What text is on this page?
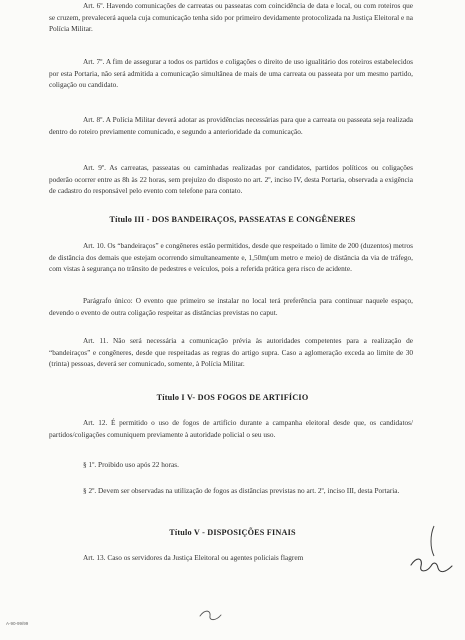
Art. 6º. Havendo comunicações de carreatas ou passeatas com coincidência de data e local, ou com roteiros que se cruzem, prevalecerá aquela cuja comunicação tenha sido por primeiro devidamente protocolizada na Justiça Eleitoral e na Polícia Militar.

Art. 7º. A fim de assegurar a todos os partidos e coligações o direito de uso igualitário dos roteiros estabelecidos por esta Portaria, não será admitida a comunicação simultânea de mais de uma carreata ou passeata por um mesmo partido, coligação ou candidato.

Art. 8º. A Polícia Militar deverá adotar as providências necessárias para que a carreata ou passeata seja realizada dentro do roteiro previamente comunicado, e segundo a anterioridade da comunicação.

Art. 9º. As carreatas, passeatas ou caminhadas realizadas por candidatos, partidos políticos ou coligações poderão ocorrer entre as 8h às 22 horas, sem prejuízo do disposto no art. 2º, inciso IV, desta Portaria, observada a exigência de cadastro do responsável pelo evento com telefone para contato.

Título III - DOS BANDEIRAÇOS, PASSEATAS E CONGÊNERES

Art. 10. Os “bandeiraços” e congêneres estão permitidos, desde que respeitado o limite de 200 (duzentos) metros de distância dos demais que estejam ocorrendo simultaneamente e, 1,50m(um metro e meio) de distância da via de tráfego, com vistas à segurança no trânsito de pedestres e veículos, pois a referida prática gera risco de acidente.

Parágrafo único: O evento que primeiro se instalar no local terá preferência para continuar naquele espaço, devendo o evento de outra coligação respeitar as distâncias previstas no caput.

Art. 11. Não será necessária a comunicação prévia às autoridades competentes para a realização de “bandeiraços” e congêneres, desde que respeitadas as regras do artigo supra. Caso a aglomeração exceda ao limite de 30 (trinta) pessoas, deverá ser comunicado, somente, à Polícia Militar.

Título I V- DOS FOGOS DE ARTIFÍCIO

Art. 12. É permitido o uso de fogos de artifício durante a campanha eleitoral desde que, os candidatos/ partidos/coligações comuniquem previamente à autoridade policial o seu uso.

§ 1º. Proibido uso após 22 horas.

§ 2º. Devem ser observadas na utilização de fogos as distâncias previstas no art. 2º, inciso III, desta Portaria.

Título V - DISPOSIÇÕES FINAIS

Art. 13. Caso os servidores da Justiça Eleitoral ou agentes policiais flagrem

A-90-99/99
